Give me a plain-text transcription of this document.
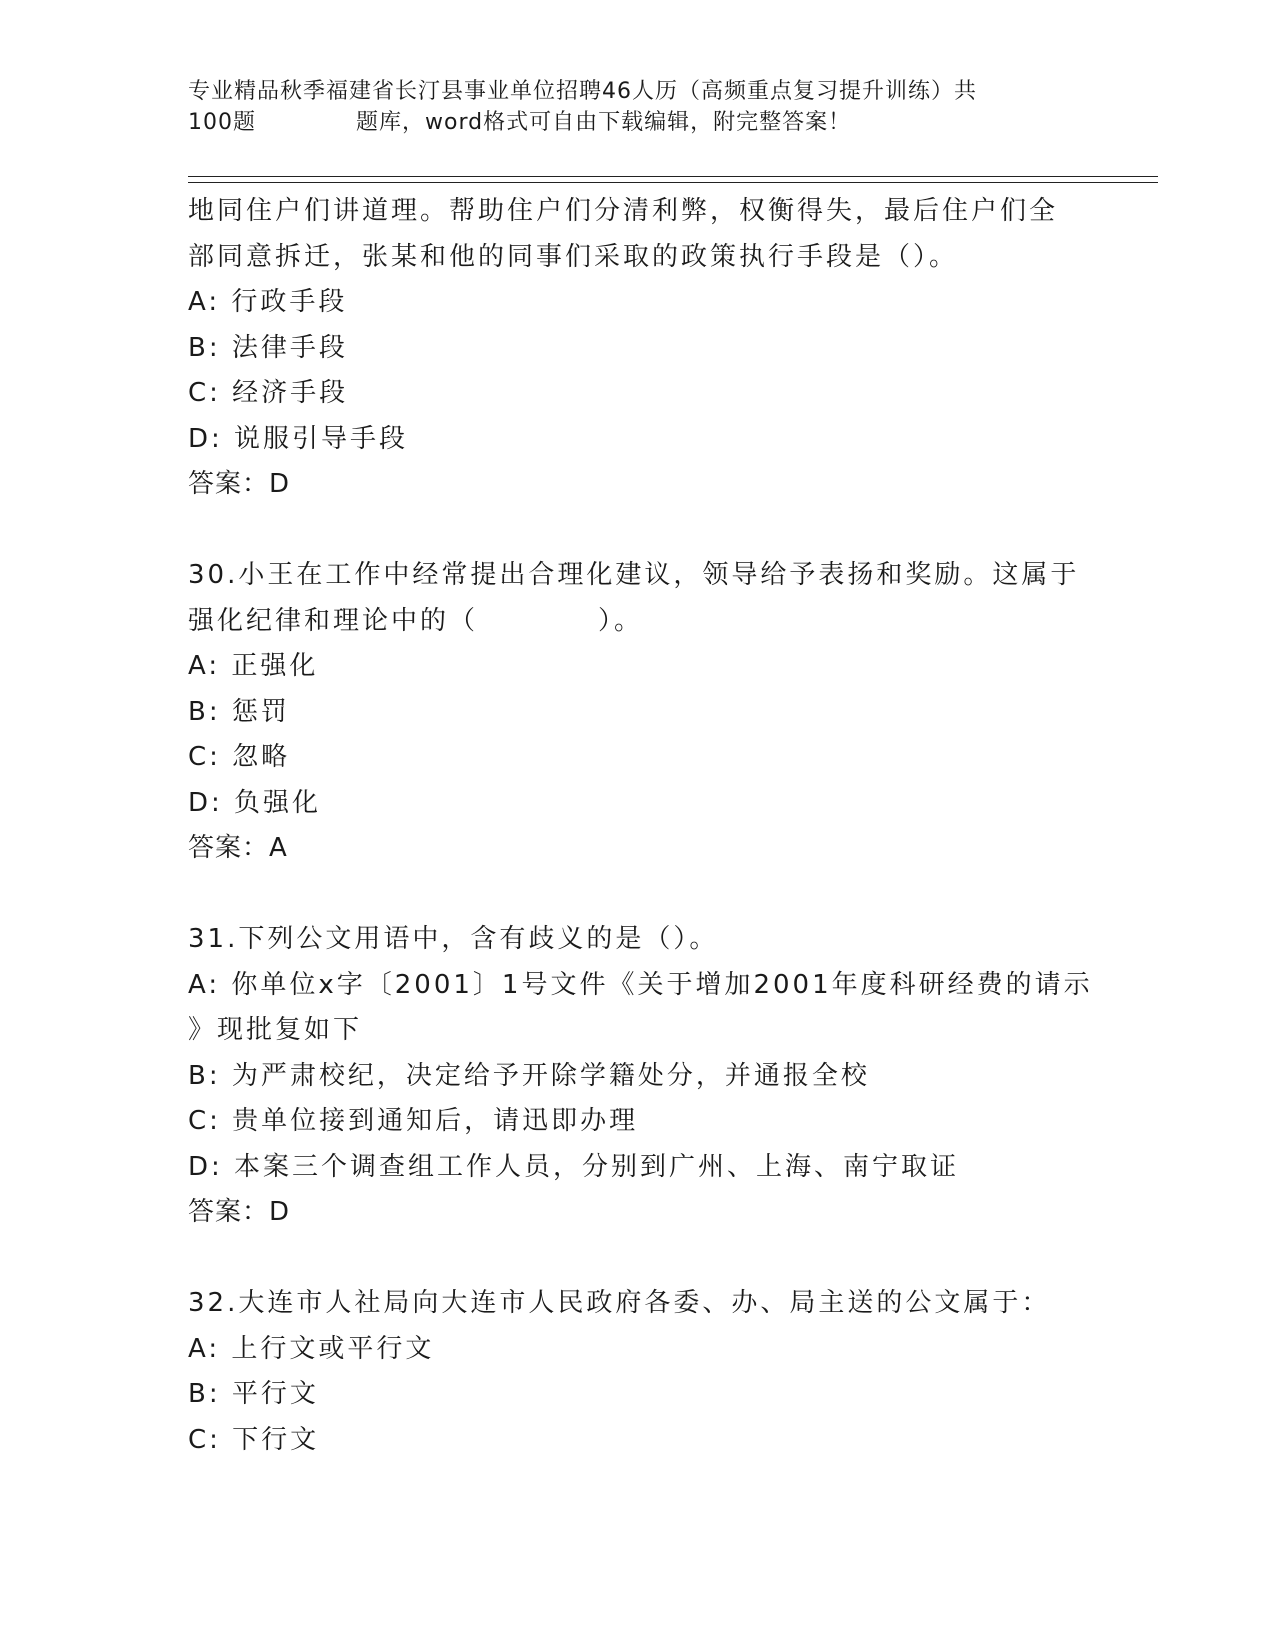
专业精品秋季福建省长汀县事业单位招聘46人历（高频重点复习提升训练）共
100题	题库，word格式可自由下载编辑，附完整答案！
地同住户们讲道理。帮助住户们分清利弊，权衡得失，最后住户们全
部同意拆迁，张某和他的同事们采取的政策执行手段是（）。
A: 行政手段
B: 法律手段
C: 经济手段
D: 说服引导手段
答案：D
30.小王在工作中经常提出合理化建议，领导给予表扬和奖励。这属于
强化纪律和理论中的（	）。
A: 正强化
B: 惩罚
C: 忽略
D: 负强化
答案：A
31.下列公文用语中，含有歧义的是（）。
A: 你单位x字〔2001〕1号文件《关于增加2001年度科研经费的请示
》现批复如下
B: 为严肃校纪，决定给予开除学籍处分，并通报全校
C: 贵单位接到通知后，请迅即办理
D: 本案三个调查组工作人员，分别到广州、上海、南宁取证
答案：D
32.大连市人社局向大连市人民政府各委、办、局主送的公文属于：
A: 上行文或平行文
B: 平行文
C: 下行文
